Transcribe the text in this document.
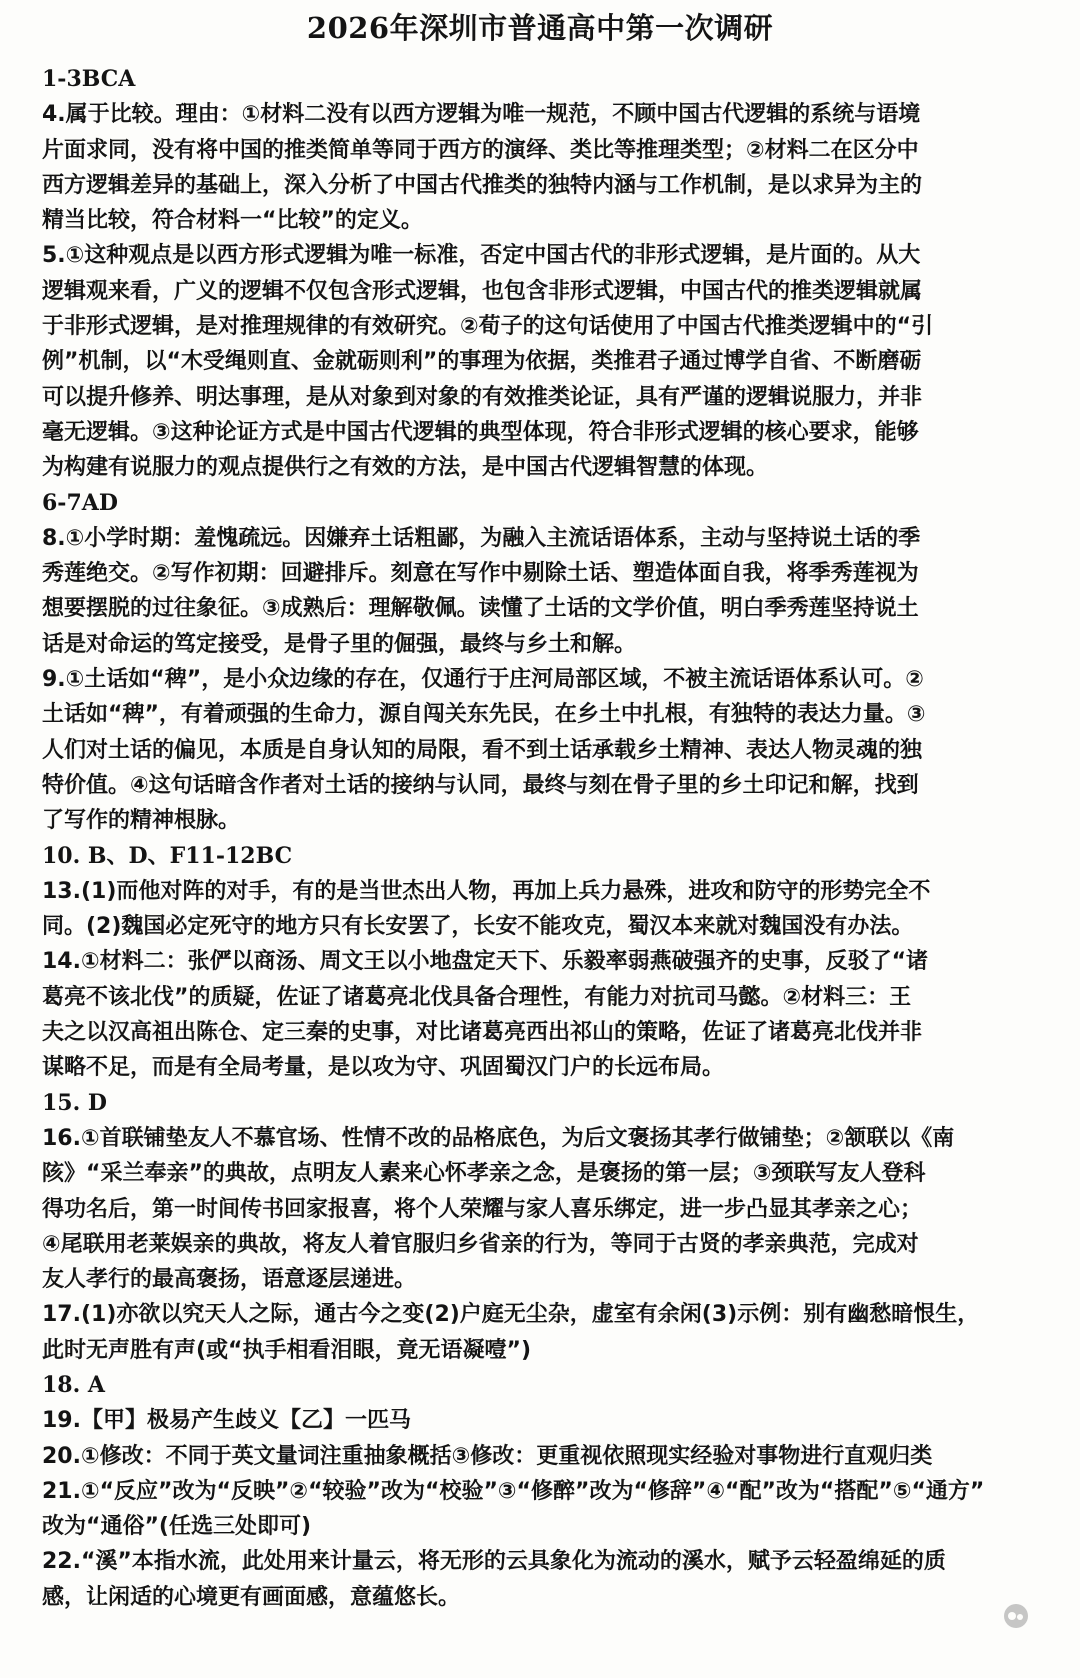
2026年深圳市普通高中第一次调研
1-3BCA
4.属于比较。理由：①材料二没有以西方逻辑为唯一规范，不顾中国古代逻辑的系统与语境
片面求同，没有将中国的推类简单等同于西方的演绎、类比等推理类型；②材料二在区分中
西方逻辑差异的基础上，深入分析了中国古代推类的独特内涵与工作机制，是以求异为主的
精当比较，符合材料一“比较”的定义。
5.①这种观点是以西方形式逻辑为唯一标准，否定中国古代的非形式逻辑，是片面的。从大
逻辑观来看，广义的逻辑不仅包含形式逻辑，也包含非形式逻辑，中国古代的推类逻辑就属
于非形式逻辑，是对推理规律的有效研究。②荀子的这句话使用了中国古代推类逻辑中的“引
例”机制，以“木受绳则直、金就砺则利”的事理为依据，类推君子通过博学自省、不断磨砺
可以提升修养、明达事理，是从对象到对象的有效推类论证，具有严谨的逻辑说服力，并非
毫无逻辑。③这种论证方式是中国古代逻辑的典型体现，符合非形式逻辑的核心要求，能够
为构建有说服力的观点提供行之有效的方法，是中国古代逻辑智慧的体现。
6-7AD
8.①小学时期：羞愧疏远。因嫌弃土话粗鄙，为融入主流话语体系，主动与坚持说土话的季
秀莲绝交。②写作初期：回避排斥。刻意在写作中剔除土话、塑造体面自我，将季秀莲视为
想要摆脱的过往象征。③成熟后：理解敬佩。读懂了土话的文学价值，明白季秀莲坚持说土
话是对命运的笃定接受，是骨子里的倔强，最终与乡土和解。
9.①土话如“稗”，是小众边缘的存在，仅通行于庄河局部区域，不被主流话语体系认可。②
土话如“稗”，有着顽强的生命力，源自闯关东先民，在乡土中扎根，有独特的表达力量。③
人们对土话的偏见，本质是自身认知的局限，看不到土话承载乡土精神、表达人物灵魂的独
特价值。④这句话暗含作者对土话的接纳与认同，最终与刻在骨子里的乡土印记和解，找到
了写作的精神根脉。
10. B、D、F11-12BC
13.(1)而他对阵的对手，有的是当世杰出人物，再加上兵力悬殊，进攻和防守的形势完全不
同。(2)魏国必定死守的地方只有长安罢了，长安不能攻克，蜀汉本来就对魏国没有办法。
14.①材料二：张俨以商汤、周文王以小地盘定天下、乐毅率弱燕破强齐的史事，反驳了“诸
葛亮不该北伐”的质疑，佐证了诸葛亮北伐具备合理性，有能力对抗司马懿。②材料三：王
夫之以汉高祖出陈仓、定三秦的史事，对比诸葛亮西出祁山的策略，佐证了诸葛亮北伐并非
谋略不足，而是有全局考量，是以攻为守、巩固蜀汉门户的长远布局。
15. D
16.①首联铺垫友人不慕官场、性情不改的品格底色，为后文褒扬其孝行做铺垫；②颔联以《南
陔》“采兰奉亲”的典故，点明友人素来心怀孝亲之念，是褒扬的第一层；③颈联写友人登科
得功名后，第一时间传书回家报喜，将个人荣耀与家人喜乐绑定，进一步凸显其孝亲之心；
④尾联用老莱娱亲的典故，将友人着官服归乡省亲的行为，等同于古贤的孝亲典范，完成对
友人孝行的最高褒扬，语意逐层递进。
17.(1)亦欲以究天人之际，通古今之变(2)户庭无尘杂，虚室有余闲(3)示例：别有幽愁暗恨生，
此时无声胜有声(或“执手相看泪眼，竟无语凝噎”)
18. A
19.【甲】极易产生歧义【乙】一匹马
20.①修改：不同于英文量词注重抽象概括③修改：更重视依照现实经验对事物进行直观归类
21.①“反应”改为“反映”②“较验”改为“校验”③“修醉”改为“修辞”④“配”改为“搭配”⑤“通方”
改为“通俗”(任选三处即可)
22.“溪”本指水流，此处用来计量云，将无形的云具象化为流动的溪水，赋予云轻盈绵延的质
感，让闲适的心境更有画面感，意蕴悠长。
